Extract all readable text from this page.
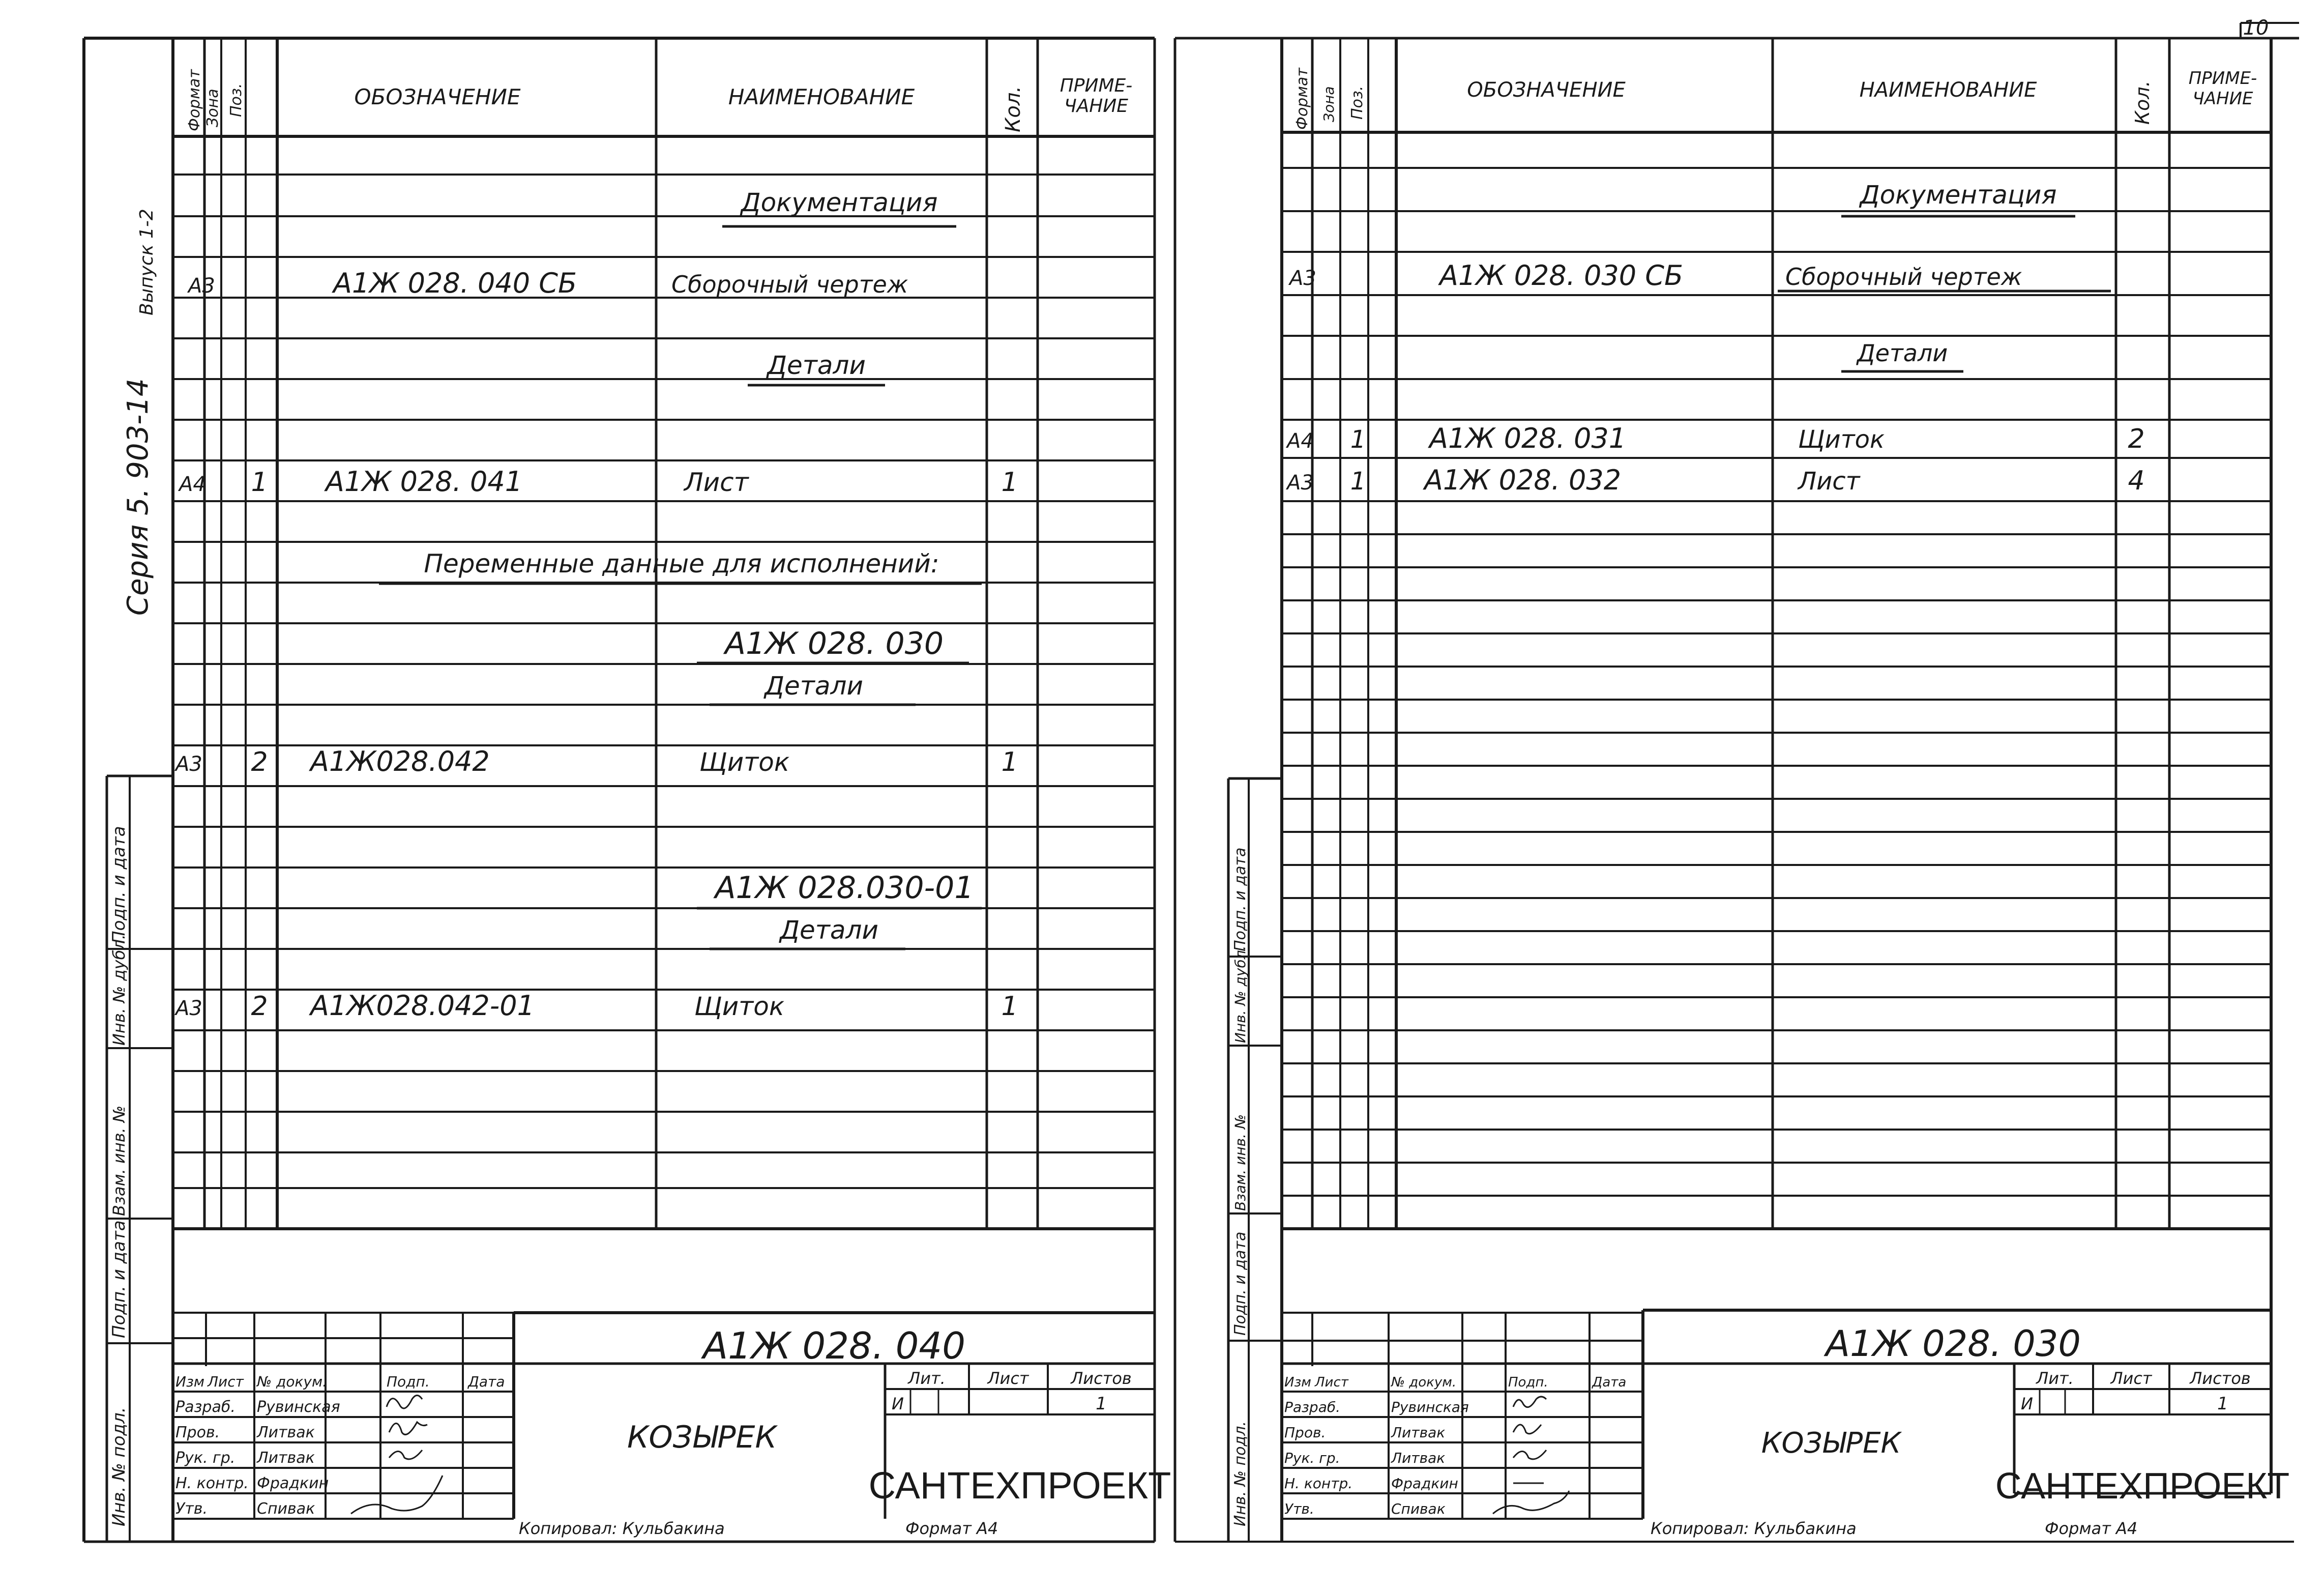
10
Серия 5. 903-14
Выпуск 1-2
Копировал: Кульбакина	Формат А4	Копировал: Кульбакина	Формат А4
Инв. № подл.
Подп. и дата
Взам. инв. №
Инв. № дубл.
Подп. и дата
Инв. № подл.
Подп. и дата
Взам. инв. №
Инв. № дубл.
Подп. и дата
Формат Зона Поз.	ОБОЗНАЧЕНИЕ	НАИМЕНОВАНИЕ	Кол.
ПРИМЕ-
ЧАНИЕ
Документация
А3	А1Ж 028. 040 СБ	Сборочный чертеж
Детали
А4 1 А1Ж 028. 041	Лист	1
Переменные данные для исполнений:
А1Ж 028. 030
Детали
А3 2 А1Ж028.042	Щиток	1
А1Ж 028.030-01
Детали
А3 2 А1Ж028.042-01	Щиток	1
Изм Лист № докум.	Подп.	Дата
Разраб. Рувинская
Пров. Литвак
Рук. гр. Литвак
Н. контр. Фрадкин
Утв.	Спивак
А1Ж 028. 040
КОЗЫРЕК
Лит.	Лист	Листов
И	1
САНТЕХПРОЕКТ
Формат Зона Поз.	ОБОЗНАЧЕНИЕ	НАИМЕНОВАНИЕ	Кол.
ПРИМЕ-
ЧАНИЕ
Документация
А3	А1Ж 028. 030 СБ	Сборочный чертеж
Детали
А4 1 А1Ж 028. 031	Щиток	2
А3 1 А1Ж 028. 032	Лист	4
Изм Лист	№ докум.	Подп.	Дата
Разраб.	Рувинская
Пров.	Литвак
Рук. гр.	Литвак
Н. контр.	Фрадкин
Утв.	Спивак
А1Ж 028. 030
КОЗЫРЕК
Лит. Лист Листов
И	1
САНТЕХПРОЕКТ
